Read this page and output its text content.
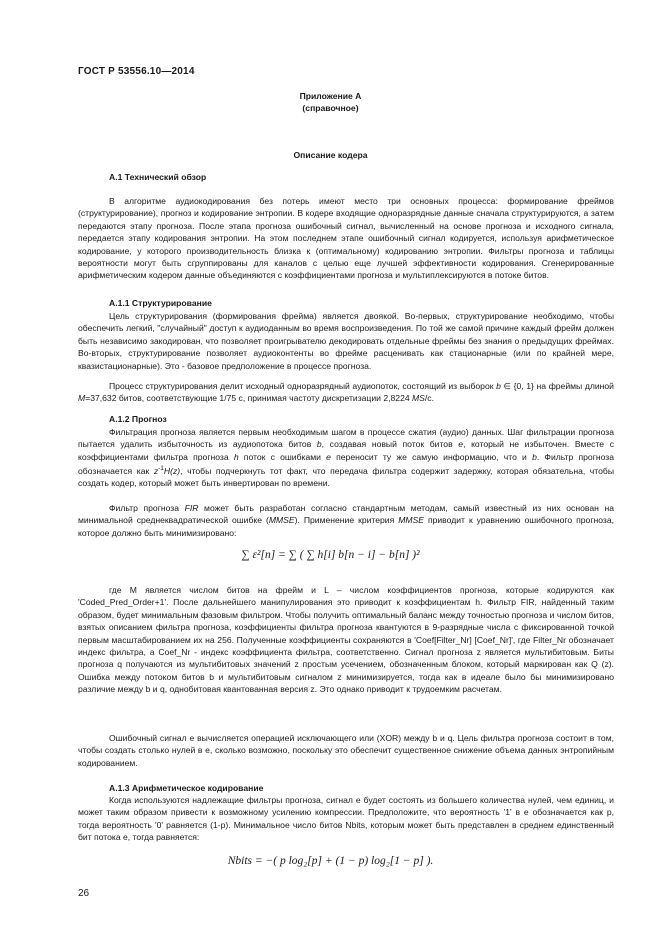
ГОСТ Р 53556.10—2014
Приложение А
(справочное)
Описание кодера
А.1 Технический обзор

В алгоритме аудиокодирования без потерь имеют место три основных процесса: формирование фреймов (структурирование), прогноз и кодирование энтропии. В кодере входящие одноразрядные данные сначала структурируются, а затем передаются этапу прогноза. После этапа прогноза ошибочный сигнал, вычисленный на основе прогноза и исходного сигнала, передается этапу кодирования энтропии. На этом последнем этапе ошибочный сигнал кодируется, используя арифметическое кодирование, у которого производительность близка к (оптимальному) кодированию энтропии. Фильтры прогноза и таблицы вероятности могут быть сгруппированы для каналов с целью еще лучшей эффективности кодирования. Сгенерированные арифметическим кодером данные объединяются с коэффициентами прогноза и мультиплексируются в потоке битов.

А.1.1 Структурирование

Цель структурирования (формирования фрейма) является двоякой. Во-первых, структурирование необходимо, чтобы обеспечить легкий, "случайный" доступ к аудиоданным во время воспроизведения. По той же самой причине каждый фрейм должен быть независимо закодирован, что позволяет проигрывателю декодировать отдельные фреймы без знания о предыдущих фреймах. Во-вторых, структурирование позволяет аудиоконтенты во фрейме расценивать как стационарные (или по крайней мере, квазистационарные). Это - базовое предположение в процессе прогноза.

Процесс структурирования делит исходный одноразрядный аудиопоток, состоящий из выборок b ∈ {0, 1} на фреймы длиной M=37,632 битов, соответствующие 1/75 с, принимая частоту дискретизации 2,8224 MS/с.

А.1.2 Прогноз

Фильтрация прогноза является первым необходимым шагом в процессе сжатия (аудио) данных. Шаг фильтрации прогноза пытается удалить избыточность из аудиопотока битов b, создавая новый поток битов e, который не избыточен. Вместе с коэффициентами фильтра прогноза h поток с ошибками e переносит ту же самую информацию, что и b. Фильтр прогноза обозначается как $z^{-1}H(z)$, чтобы подчеркнуть тот факт, что передача фильтра содержит задержку, которая обязательна, чтобы создать кодер, который может быть инвертирован по времени.

Фильтр прогноза FIR может быть разработан согласно стандартным методам, самый известный из них основан на минимальной среднеквадратической ошибке (MMSE). Применение критерия MMSE приводит к уравнению ошибочного прогноза, которое должно быть минимизировано:

∑ ε²[n] = ∑ ( ∑ h[i] b[n − i] − b[n] )²

где M является числом битов на фрейм и L – числом коэффициентов прогноза, которые кодируются как 'Coded_Pred_Order+1'. После дальнейшего манипулирования это приводит к коэффициентам h. Фильтр FIR, найденный таким образом, будет минимальным фазовым фильтром. Чтобы получить оптимальный баланс между точностью прогноза и числом битов, взятых описанием фильтра прогноза, коэффициенты фильтра прогноза квантуются в 9-разрядные числа с фиксированной точкой первым масштабированием их на 256. Полученные коэффициенты сохраняются в 'Coef[Filter_Nr] [Coef_Nr]', где Filter_Nr обозначает индекс фильтра, а Coef_Nr - индекс коэффициента фильтра, соответственно. Сигнал прогноза z является мультибитовым. Биты прогноза q получаются из мультибитовых значений z простым усечением, обозначенным блоком, который маркирован как Q (z). Ошибка между потоком битов b и мультибитовым сигналом z минимизируется, тогда как в идеале было бы минимизировано различие между b и q, однобитовая квантованная версия z. Это однако приводит к трудоемким расчетам.

Ошибочный сигнал e вычисляется операцией исключающего или (XOR) между b и q. Цель фильтра прогноза состоит в том, чтобы создать столько нулей в e, сколько возможно, поскольку это обеспечит существенное снижение объема данных энтропийным кодированием.

А.1.3 Арифметическое кодирование

Когда используются надлежащие фильтры прогноза, сигнал e будет состоять из большего количества нулей, чем единиц, и может таким образом привести к возможному усилению компрессии. Предположите, что вероятность '1' в e обозначается как p, тогда вероятность '0' равняется (1-p). Минимальное число битов Nbits, которым может быть представлен в среднем единственный бит потока e, тогда равняется:

Nbits = −( p log₂[p] + (1 − p) log₂[1 − p] ).
26
